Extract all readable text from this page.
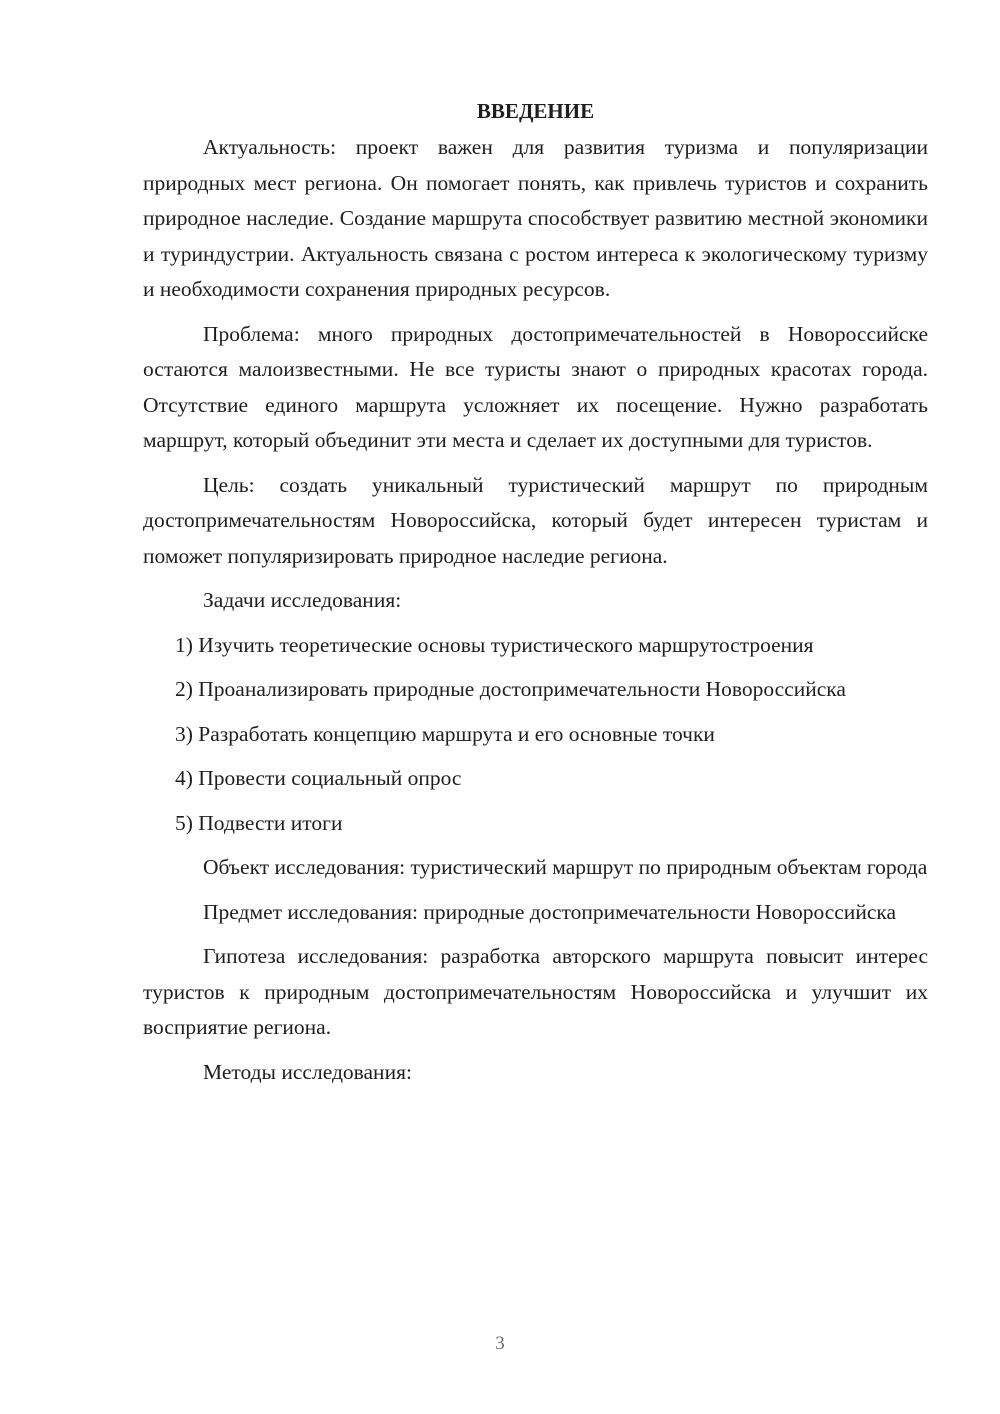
ВВЕДЕНИЕ

Актуальность: проект важен для развития туризма и популяризации природных мест региона. Он помогает понять, как привлечь туристов и сохранить природное наследие. Создание маршрута способствует развитию местной экономики и туриндустрии. Актуальность связана с ростом интереса к экологическому туризму и необходимости сохранения природных ресурсов.

Проблема: много природных достопримечательностей в Новороссийске остаются малоизвестными. Не все туристы знают о природных красотах города. Отсутствие единого маршрута усложняет их посещение. Нужно разработать маршрут, который объединит эти места и сделает их доступными для туристов.

Цель: создать уникальный туристический маршрут по природным достопримечательностям Новороссийска, который будет интересен туристам и поможет популяризировать природное наследие региона.

Задачи исследования:

1) Изучить теоретические основы туристического маршрутостроения

2) Проанализировать природные достопримечательности Новороссийска

3) Разработать концепцию маршрута и его основные точки

4) Провести социальный опрос

5) Подвести итоги

Объект исследования: туристический маршрут по природным объектам города

Предмет исследования: природные достопримечательности Новороссийска

Гипотеза исследования: разработка авторского маршрута повысит интерес туристов к природным достопримечательностям Новороссийска и улучшит их восприятие региона.

Методы исследования:

3
